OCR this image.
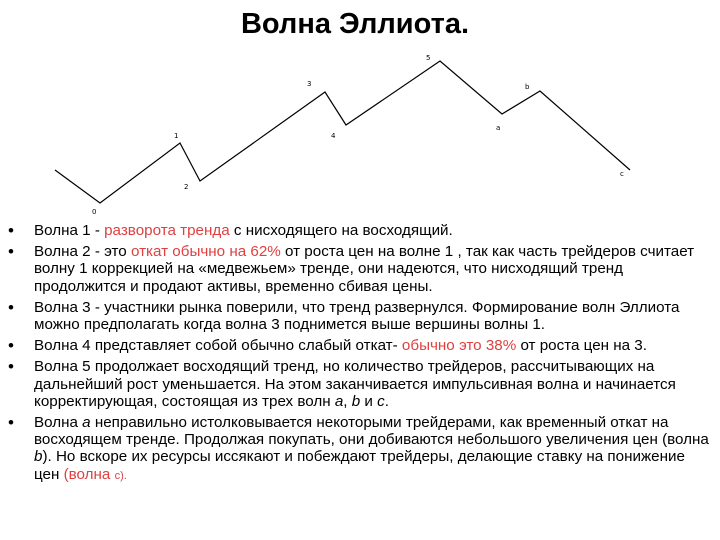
Волна Эллиота.
0
1
2
3
4
5
a
b
c
• Волна 1 - разворота тренда с нисходящего на восходящий.
• Волна 2 - это откат обычно на 62% от роста цен на волне 1 , так как часть трейдеров считает волну 1 коррекцией на «медвежьем» тренде, они надеются, что нисходящий тренд продолжится и продают активы, временно сбивая цены.
• Волна 3 - участники рынка поверили, что тренд развернулся. Формирование волн Эллиота можно предполагать когда волна 3 поднимется выше вершины волны 1.
• Волна 4 представляет собой обычно слабый откат- обычно это 38% от роста цен на 3.
• Волна 5 продолжает восходящий тренд, но количество трейдеров, рассчитывающих на дальнейший рост уменьшается. На этом заканчивается импульсивная волна и начинается корректирующая, состоящая из трех волн a, b и c.
• Волна a неправильно истолковывается некоторыми трейдерами, как временный откат на восходящем тренде. Продолжая покупать, они добиваются небольшого увеличения цен (волна b). Но вскоре их ресурсы иссякают и побеждают трейдеры, делающие ставку на понижение цен (волна c).
